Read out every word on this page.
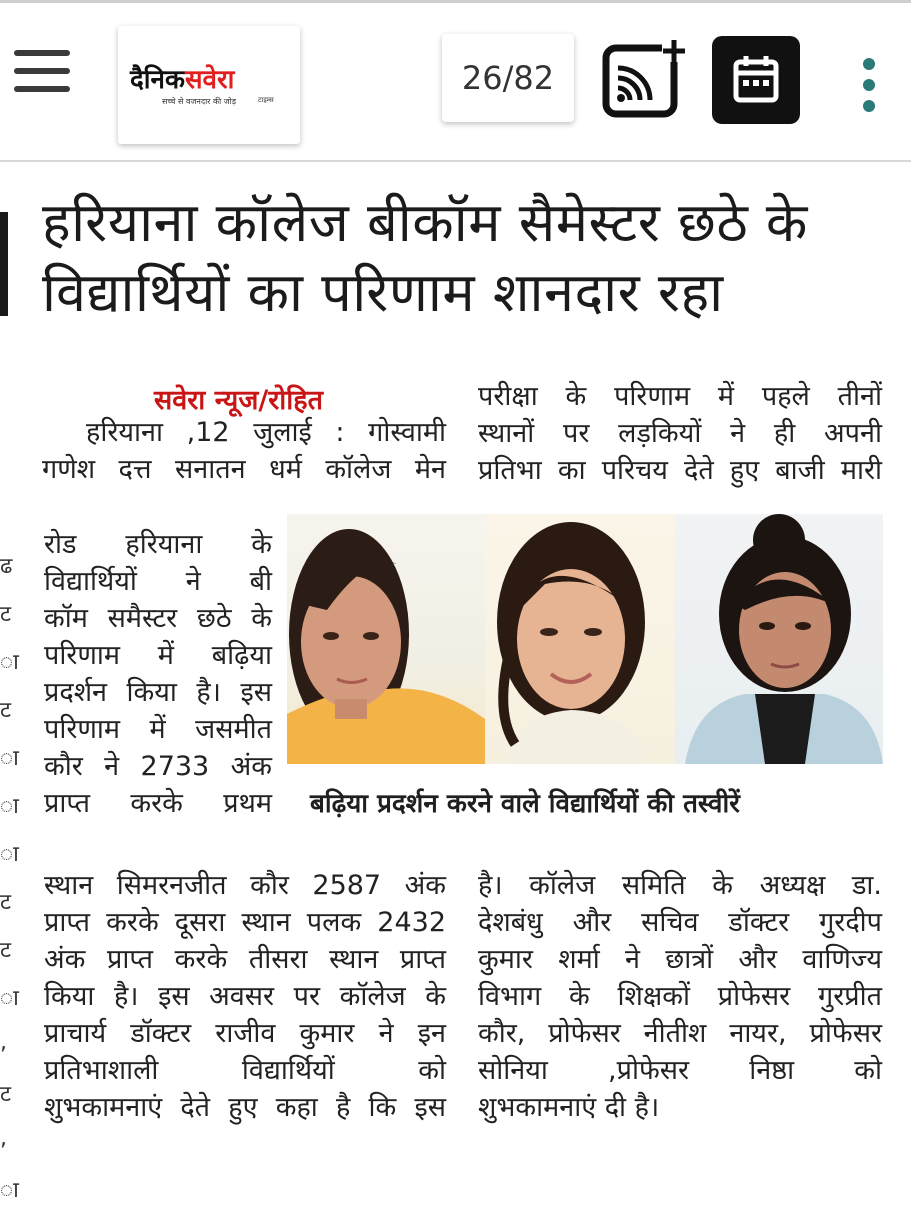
दैनिकसवेरा
सच्चे से वजनदार की जोड़	टाइम्स
26/82
हरियाना कॉलेज बीकॉम सैमेस्टर छठे के
विद्यार्थियों का परिणाम शानदार रहा
ढ
ट
ा
ट
ा
ा
ा
ट
ट
ा
,
ट
,
ा
सवेरा न्यूज/रोहित
हरियाना ,12 जुलाई : गोस्वामी
गणेश दत्त सनातन धर्म कॉलेज मेन
परीक्षा के परिणाम में पहले तीनों
स्थानों पर लड़कियों ने ही अपनी
प्रतिभा का परिचय देते हुए बाजी मारी
रोड हरियाना के
विद्यार्थियों ने बी
कॉम समैस्टर छठे के
परिणाम में बढ़िया
प्रदर्शन किया है। इस
परिणाम में जसमीत
कौर ने 2733 अंक
प्राप्त करके प्रथम बढ़िया प्रदर्शन करने वाले विद्यार्थियों की तस्वीरें
स्थान सिमरनजीत कौर 2587 अंक
प्राप्त करके दूसरा स्थान पलक 2432
अंक प्राप्त करके तीसरा स्थान प्राप्त
किया है। इस अवसर पर कॉलेज के
प्राचार्य डॉक्टर राजीव कुमार ने इन
प्रतिभाशाली विद्यार्थियों को
शुभकामनाएं देते हुए कहा है कि इस
है। कॉलेज समिति के अध्यक्ष डा.
देशबंधु और सचिव डॉक्टर गुरदीप
कुमार शर्मा ने छात्रों और वाणिज्य
विभाग के शिक्षकों प्रोफेसर गुरप्रीत
कौर, प्रोफेसर नीतीश नायर, प्रोफेसर
सोनिया ,प्रोफेसर निष्ठा को
शुभकामनाएं दी है।
